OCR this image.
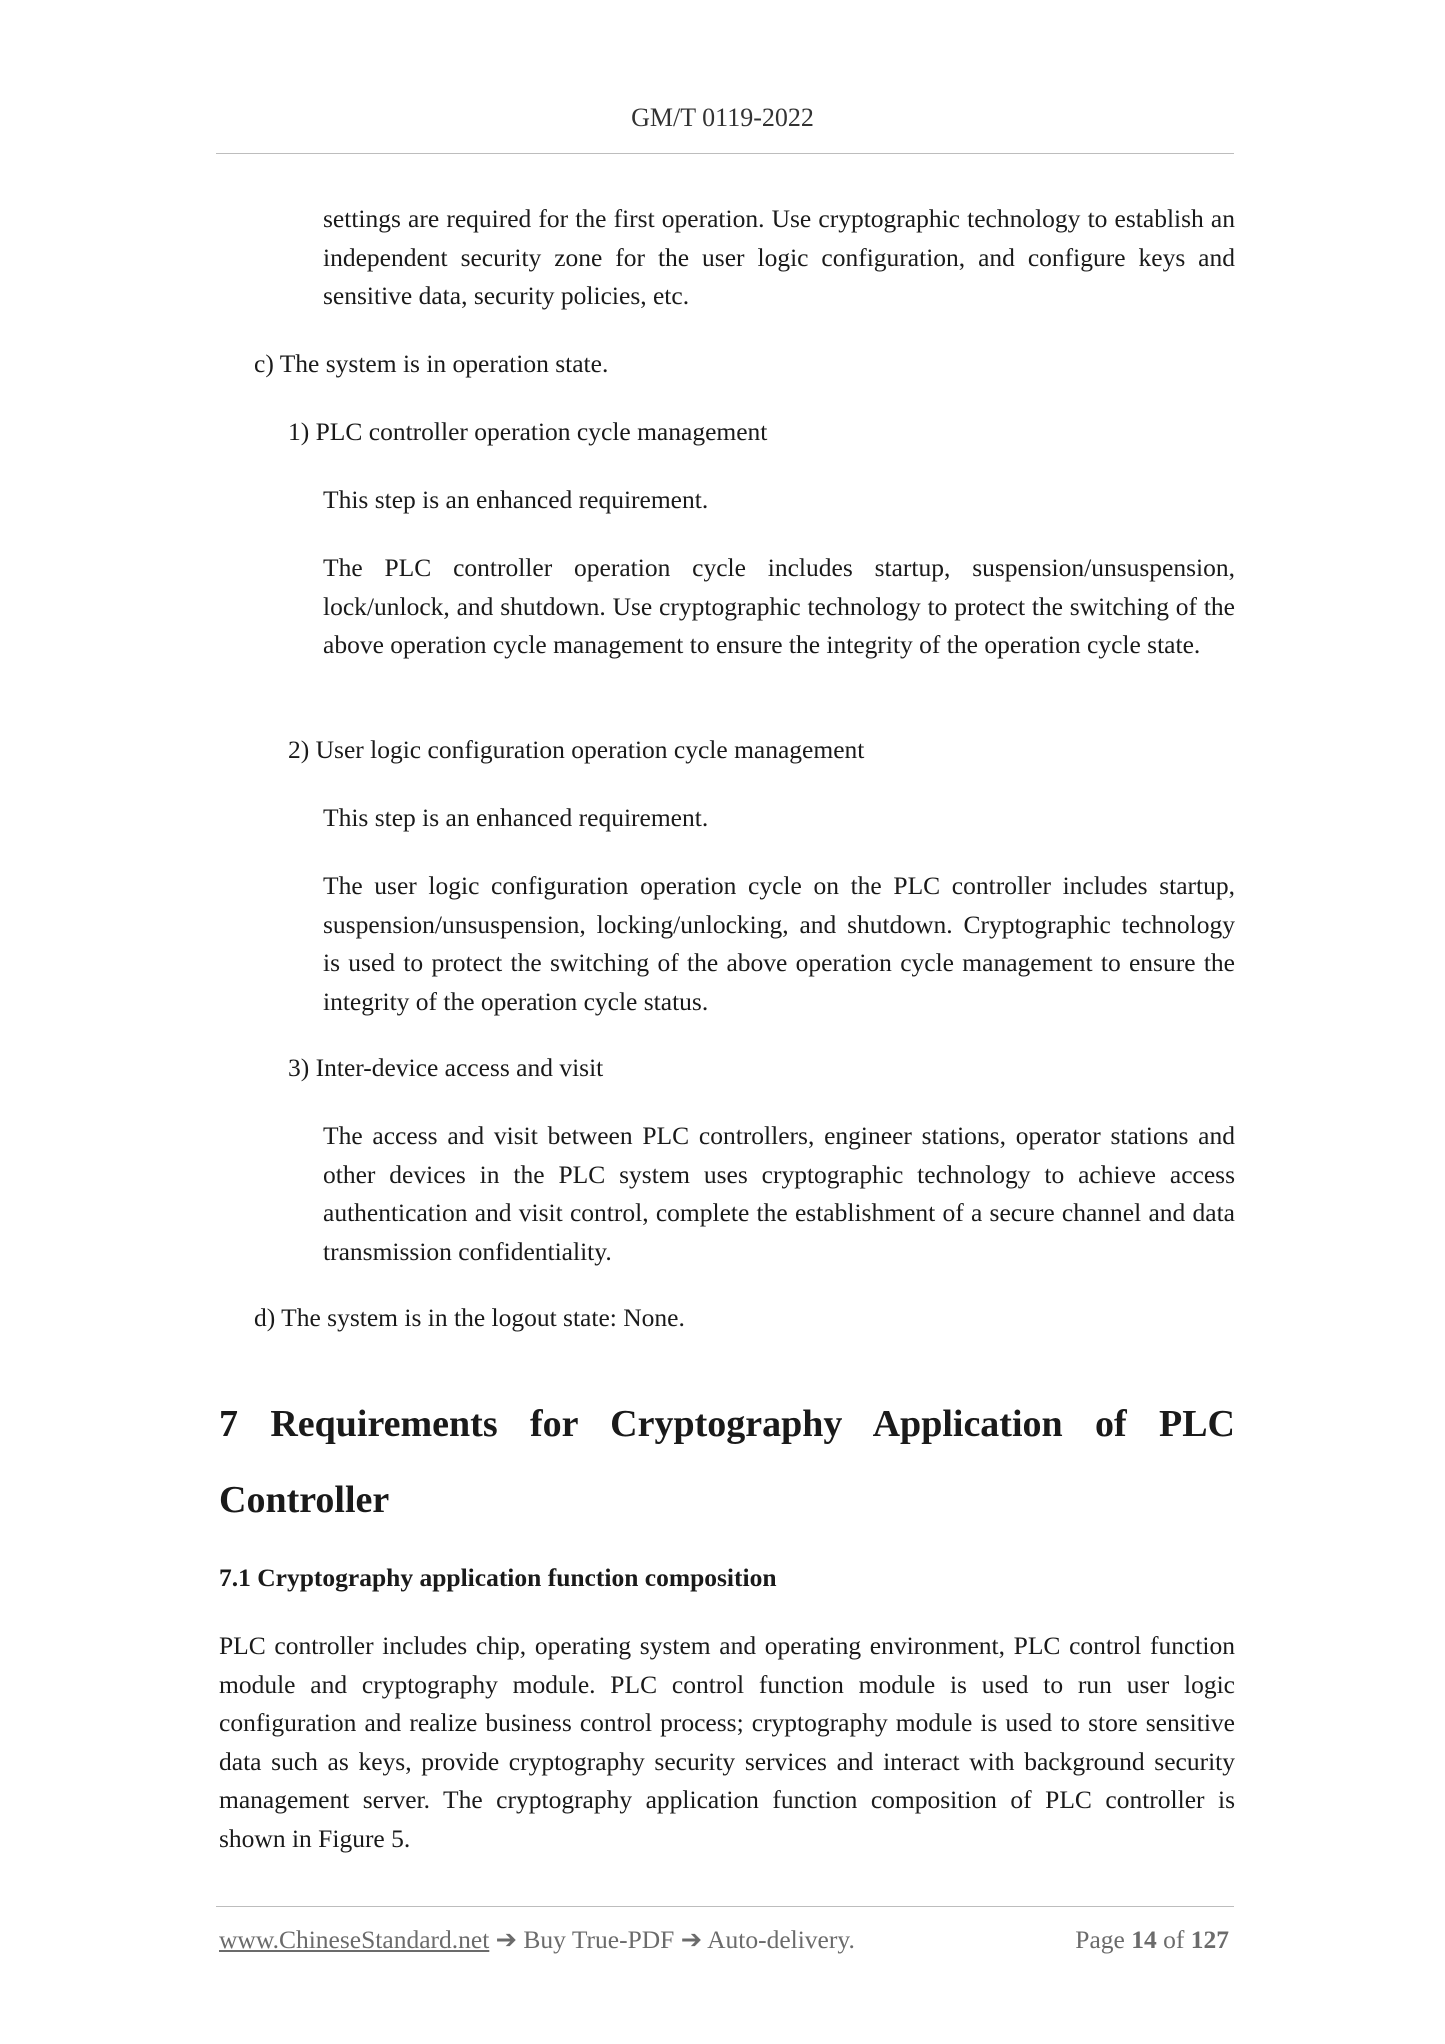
GM/T 0119-2022

settings are required for the first operation. Use cryptographic technology to establish an independent security zone for the user logic configuration, and configure keys and sensitive data, security policies, etc.

c) The system is in operation state.

1) PLC controller operation cycle management

This step is an enhanced requirement.

The PLC controller operation cycle includes startup, suspension/unsuspension, lock/unlock, and shutdown. Use cryptographic technology to protect the switching of the above operation cycle management to ensure the integrity of the operation cycle state.

2) User logic configuration operation cycle management

This step is an enhanced requirement.

The user logic configuration operation cycle on the PLC controller includes startup, suspension/unsuspension, locking/unlocking, and shutdown. Cryptographic technology is used to protect the switching of the above operation cycle management to ensure the integrity of the operation cycle status.

3) Inter-device access and visit

The access and visit between PLC controllers, engineer stations, operator stations and other devices in the PLC system uses cryptographic technology to achieve access authentication and visit control, complete the establishment of a secure channel and data transmission confidentiality.

d) The system is in the logout state: None.

7 Requirements for Cryptography Application of PLC Controller
7.1 Cryptography application function composition

PLC controller includes chip, operating system and operating environment, PLC control function module and cryptography module. PLC control function module is used to run user logic configuration and realize business control process; cryptography module is used to store sensitive data such as keys, provide cryptography security services and interact with background security management server. The cryptography application function composition of PLC controller is shown in Figure 5.

www.ChineseStandard.net ➔ Buy True-PDF ➔ Auto-delivery.	Page 14 of 127
